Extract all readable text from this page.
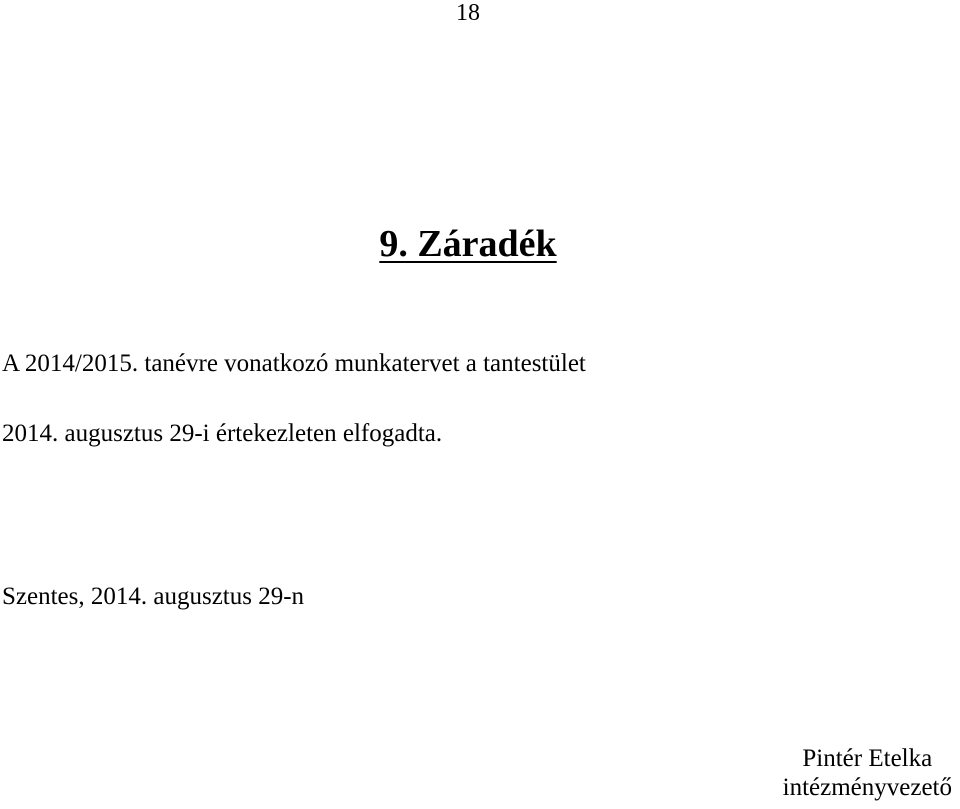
18
9. Záradék
A 2014/2015. tanévre vonatkozó munkatervet a tantestület
2014. augusztus 29-i értekezleten elfogadta.
Szentes, 2014. augusztus 29-n
Pintér Etelka
intézményvezető
